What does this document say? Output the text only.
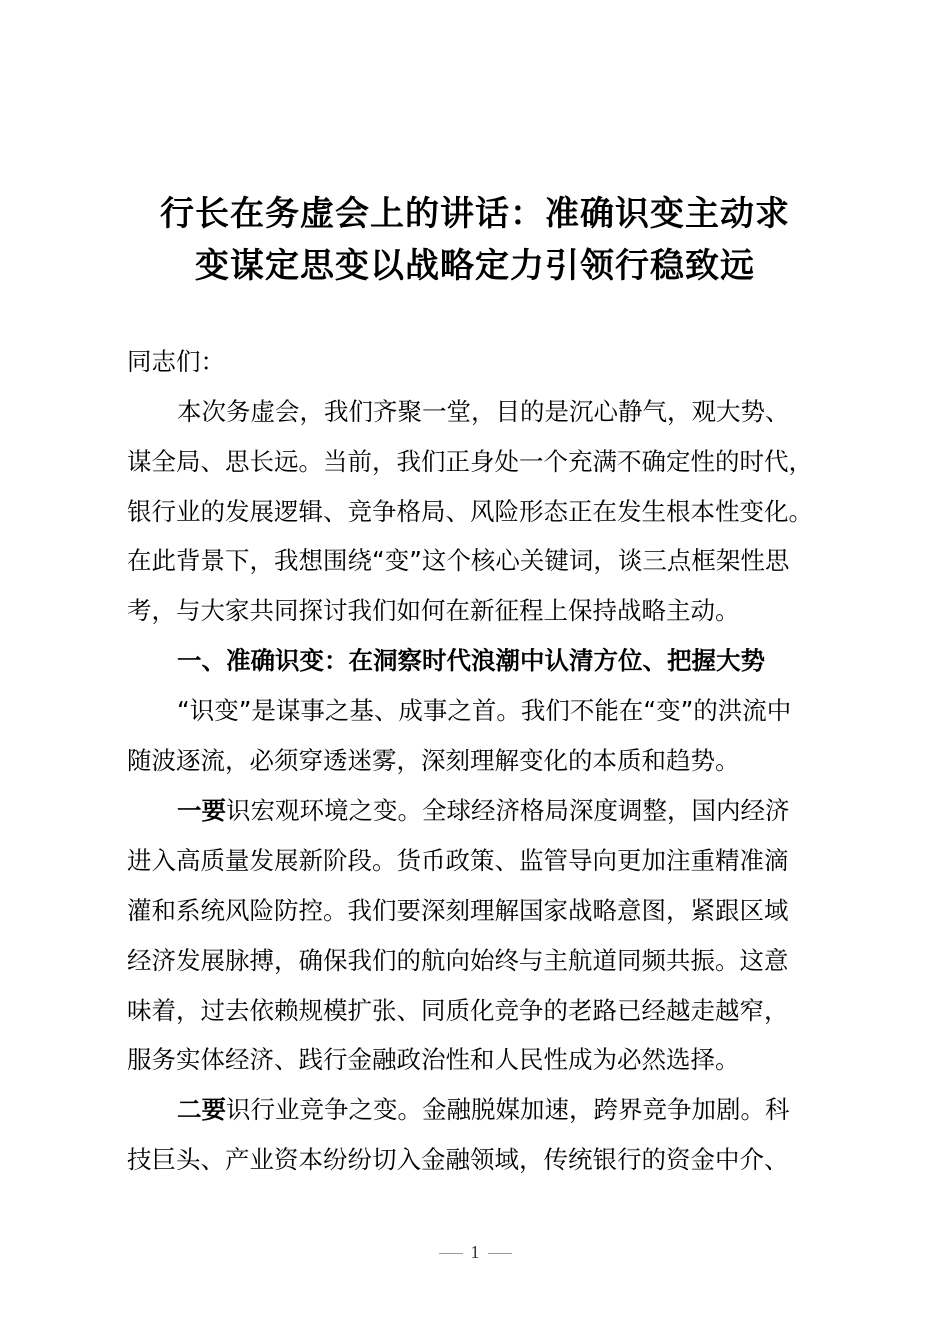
行长在务虚会上的讲话：准确识变主动求
变谋定思变以战略定力引领行稳致远
同志们：
本次务虚会，我们齐聚一堂，目的是沉心静气，观大势、
谋全局、思长远。当前，我们正身处一个充满不确定性的时代，
银行业的发展逻辑、竞争格局、风险形态正在发生根本性变化。
在此背景下，我想围绕“变”这个核心关键词，谈三点框架性思
考，与大家共同探讨我们如何在新征程上保持战略主动。
一、准确识变：在洞察时代浪潮中认清方位、把握大势
“识变”是谋事之基、成事之首。我们不能在“变”的洪流中
随波逐流，必须穿透迷雾，深刻理解变化的本质和趋势。
一要识宏观环境之变。全球经济格局深度调整，国内经济
进入高质量发展新阶段。货币政策、监管导向更加注重精准滴
灌和系统风险防控。我们要深刻理解国家战略意图，紧跟区域
经济发展脉搏，确保我们的航向始终与主航道同频共振。这意
味着，过去依赖规模扩张、同质化竞争的老路已经越走越窄，
服务实体经济、践行金融政治性和人民性成为必然选择。
二要识行业竞争之变。金融脱媒加速，跨界竞争加剧。科
技巨头、产业资本纷纷切入金融领域，传统银行的资金中介、
1
